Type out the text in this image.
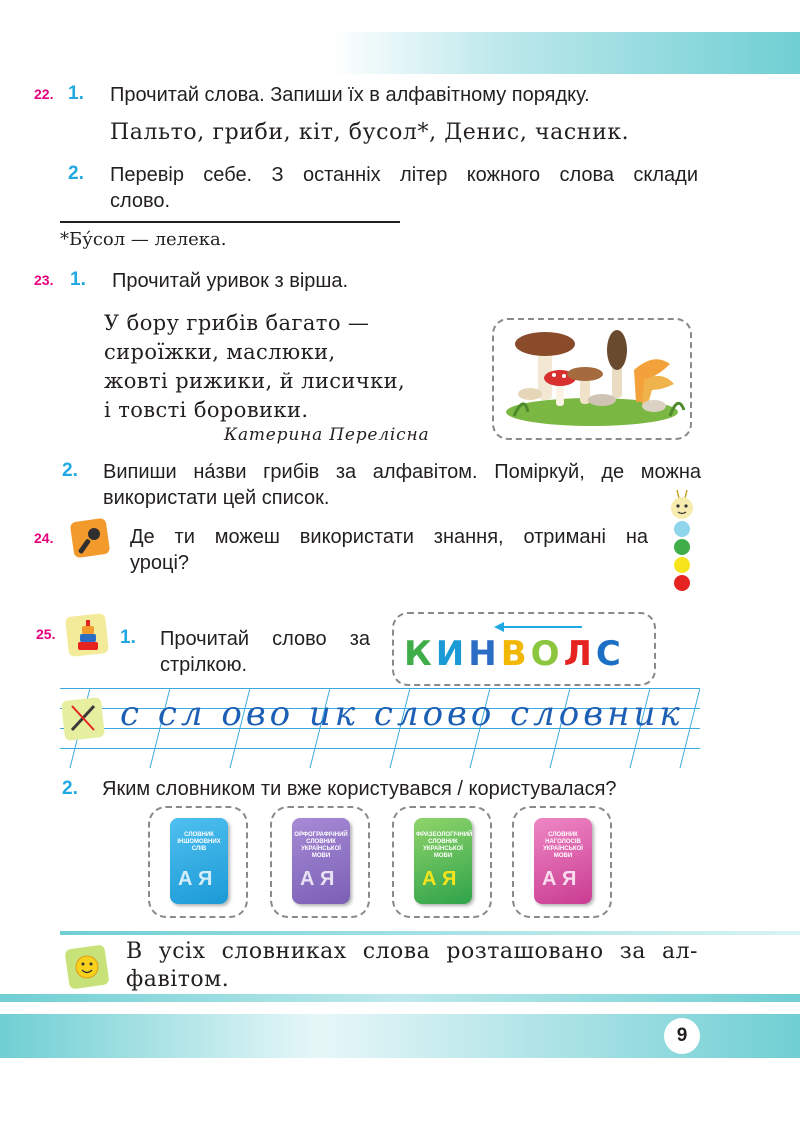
22. 1. Прочитай слова. Запиши їх в алфавітному порядку.
Пальто, гриби, кіт, бусол*, Денис, часник.
2. Перевір себе. З останніх літер кожного слова склади
слово.
*Бу́сол — лелека.
23. 1. Прочитай уривок з вірша.
У бору грибів багато —
сироїжки, маслюки,
жовті рижики, й лисички,
і товсті боровики.
Катерина Перелісна
2. Випиши на́зви грибів за алфавітом. Поміркуй, де можна
використати цей список.
24.	Де ти можеш використати знання, отримані на
уроці?
25.	1. Прочитай слово за
стрілкою.	КИНВОЛС
с сл ово ик слово словник
2. Яким словником ти вже користувався / користувалася?
СЛОВНИК ІНШОМОВНИХ СЛІВ
А Я
ОРФОГРАФІЧНИЙ СЛОВНИК УКРАЇНСЬКОЇ МОВИ
А Я
ФРАЗЕОЛОГІЧНИЙ СЛОВНИК УКРАЇНСЬКОЇ МОВИ
А Я
СЛОВНИК НАГОЛОСІВ УКРАЇНСЬКОЇ МОВИ
А Я
В усіх словниках слова розташовано за ал-
фавітом.
9
